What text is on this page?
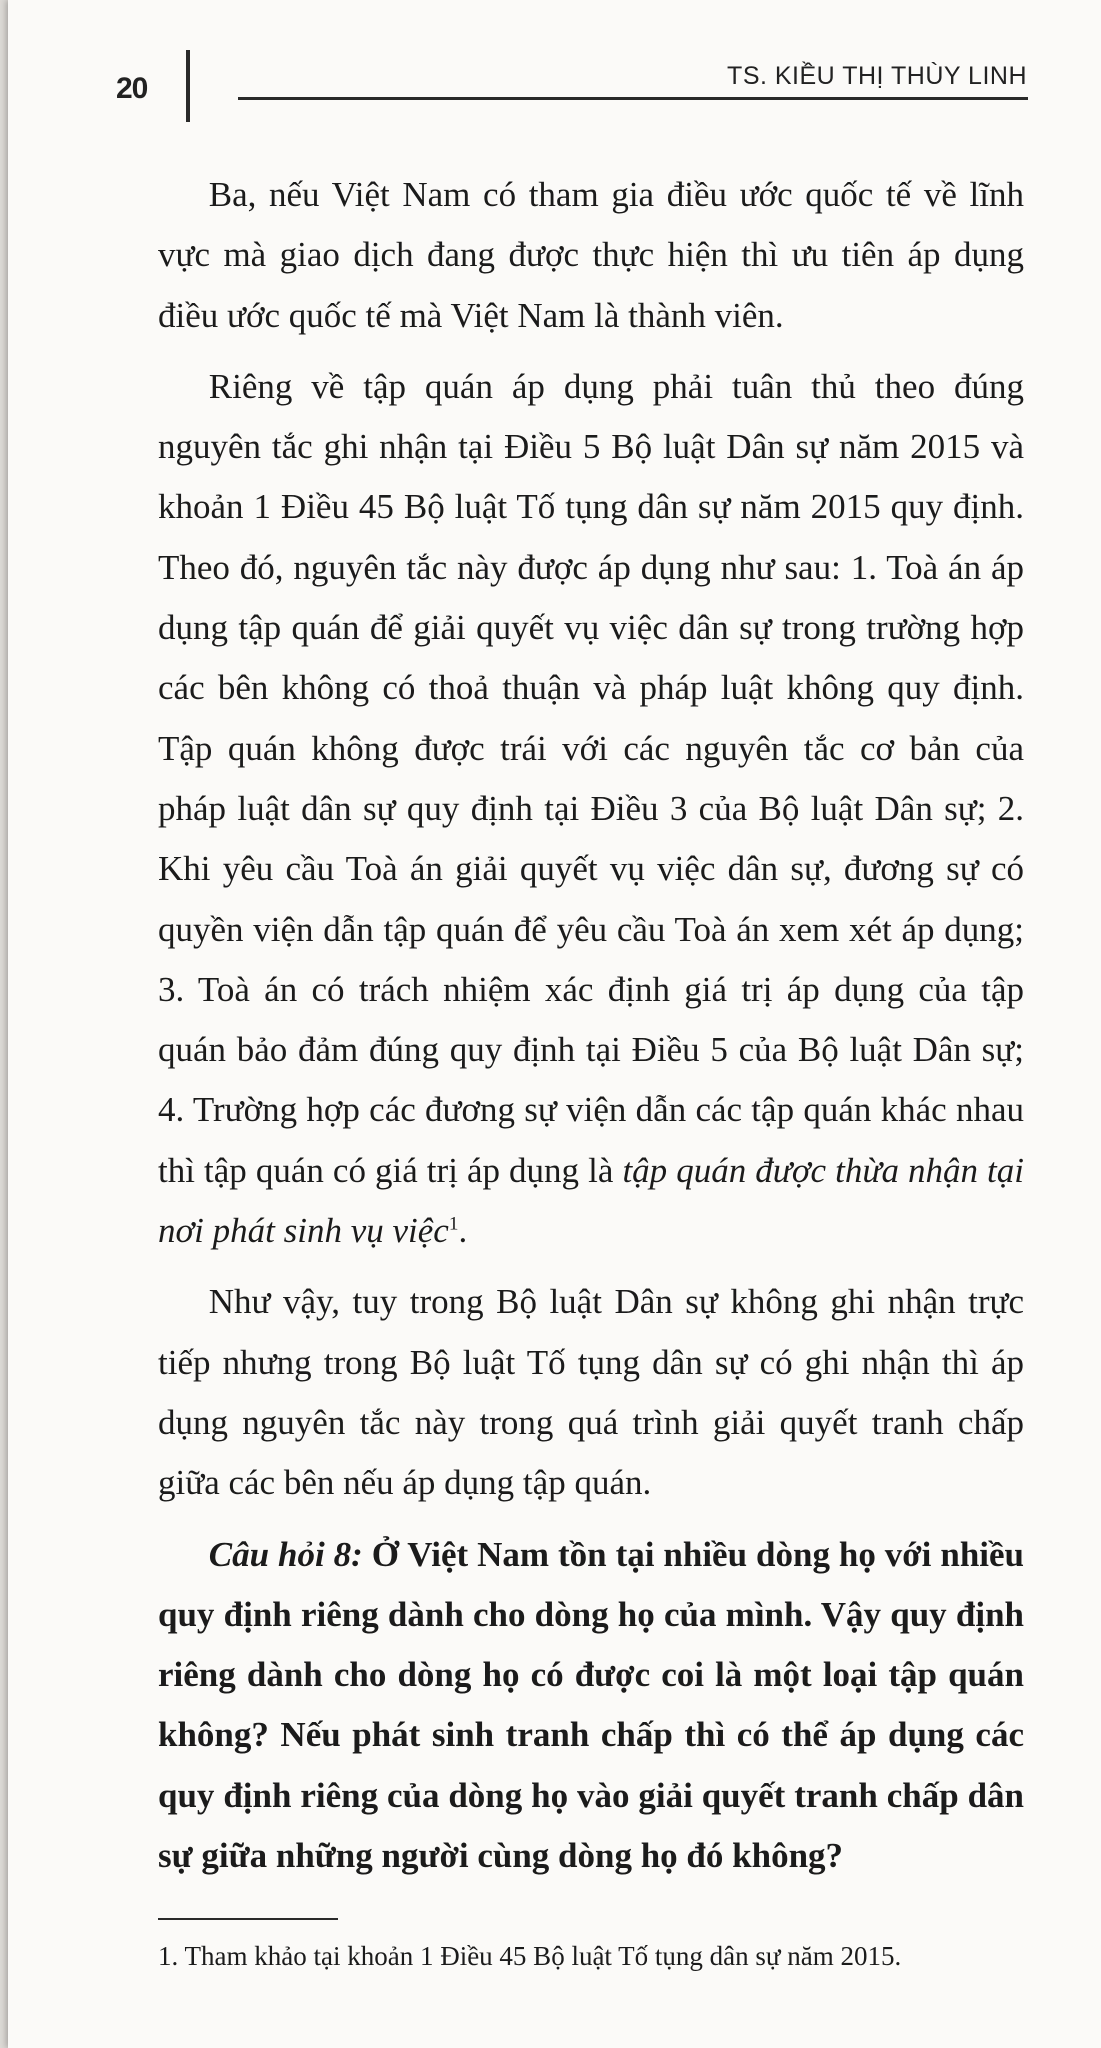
20	TS. KIỀU THỊ THÙY LINH

Ba, nếu Việt Nam có tham gia điều ước quốc tế về lĩnh vực mà giao dịch đang được thực hiện thì ưu tiên áp dụng điều ước quốc tế mà Việt Nam là thành viên.

Riêng về tập quán áp dụng phải tuân thủ theo đúng nguyên tắc ghi nhận tại Điều 5 Bộ luật Dân sự năm 2015 và khoản 1 Điều 45 Bộ luật Tố tụng dân sự năm 2015 quy định. Theo đó, nguyên tắc này được áp dụng như sau: 1. Toà án áp dụng tập quán để giải quyết vụ việc dân sự trong trường hợp các bên không có thoả thuận và pháp luật không quy định. Tập quán không được trái với các nguyên tắc cơ bản của pháp luật dân sự quy định tại Điều 3 của Bộ luật Dân sự; 2. Khi yêu cầu Toà án giải quyết vụ việc dân sự, đương sự có quyền viện dẫn tập quán để yêu cầu Toà án xem xét áp dụng; 3. Toà án có trách nhiệm xác định giá trị áp dụng của tập quán bảo đảm đúng quy định tại Điều 5 của Bộ luật Dân sự; 4. Trường hợp các đương sự viện dẫn các tập quán khác nhau thì tập quán có giá trị áp dụng là tập quán được thừa nhận tại nơi phát sinh vụ việc$^1$.

Như vậy, tuy trong Bộ luật Dân sự không ghi nhận trực tiếp nhưng trong Bộ luật Tố tụng dân sự có ghi nhận thì áp dụng nguyên tắc này trong quá trình giải quyết tranh chấp giữa các bên nếu áp dụng tập quán.

Câu hỏi 8: Ở Việt Nam tồn tại nhiều dòng họ với nhiều quy định riêng dành cho dòng họ của mình. Vậy quy định riêng dành cho dòng họ có được coi là một loại tập quán không? Nếu phát sinh tranh chấp thì có thể áp dụng các quy định riêng của dòng họ vào giải quyết tranh chấp dân sự giữa những người cùng dòng họ đó không?

1. Tham khảo tại khoản 1 Điều 45 Bộ luật Tố tụng dân sự năm 2015.
